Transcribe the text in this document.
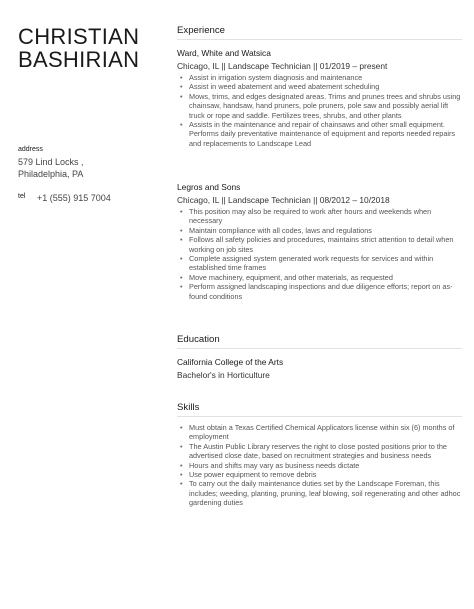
CHRISTIAN
BASHIRIAN
address
579 Lind Locks ,
Philadelphia, PA
tel +1 (555) 915 7004
Experience
Ward, White and Watsica
Chicago, IL || Landscape Technician || 01/2019 – present
• Assist in irrigation system diagnosis and maintenance
• Assist in weed abatement and weed abatement scheduling
• Mows, trims, and edges designated areas. Trims and prunes trees and shrubs using chainsaw, handsaw, hand pruners, pole pruners, pole saw and possibly aerial lift truck or rope and saddle. Fertilizes trees, shrubs, and other plants
• Assists in the maintenance and repair of chainsaws and other small equipment. Performs daily preventative maintenance of equipment and reports needed repairs and replacements to Landscape Lead
Legros and Sons
Chicago, IL || Landscape Technician || 08/2012 – 10/2018
• This position may also be required to work after hours and weekends when necessary
• Maintain compliance with all codes, laws and regulations
• Follows all safety policies and procedures, maintains strict attention to detail when working on job sites
• Complete assigned system generated work requests for services and within established time frames
• Move machinery, equipment, and other materials, as requested
• Perform assigned landscaping inspections and due diligence efforts; report on as-found conditions
Education
California College of the Arts
Bachelor's in Horticulture
Skills
• Must obtain a Texas Certified Chemical Applicators license within six (6) months of employment
• The Austin Public Library reserves the right to close posted positions prior to the advertised close date, based on recruitment strategies and business needs
• Hours and shifts may vary as business needs dictate
• Use power equipment to remove debris
• To carry out the daily maintenance duties set by the Landscape Foreman, this includes; weeding, planting, pruning, leaf blowing, soil regenerating and other adhoc gardening duties
